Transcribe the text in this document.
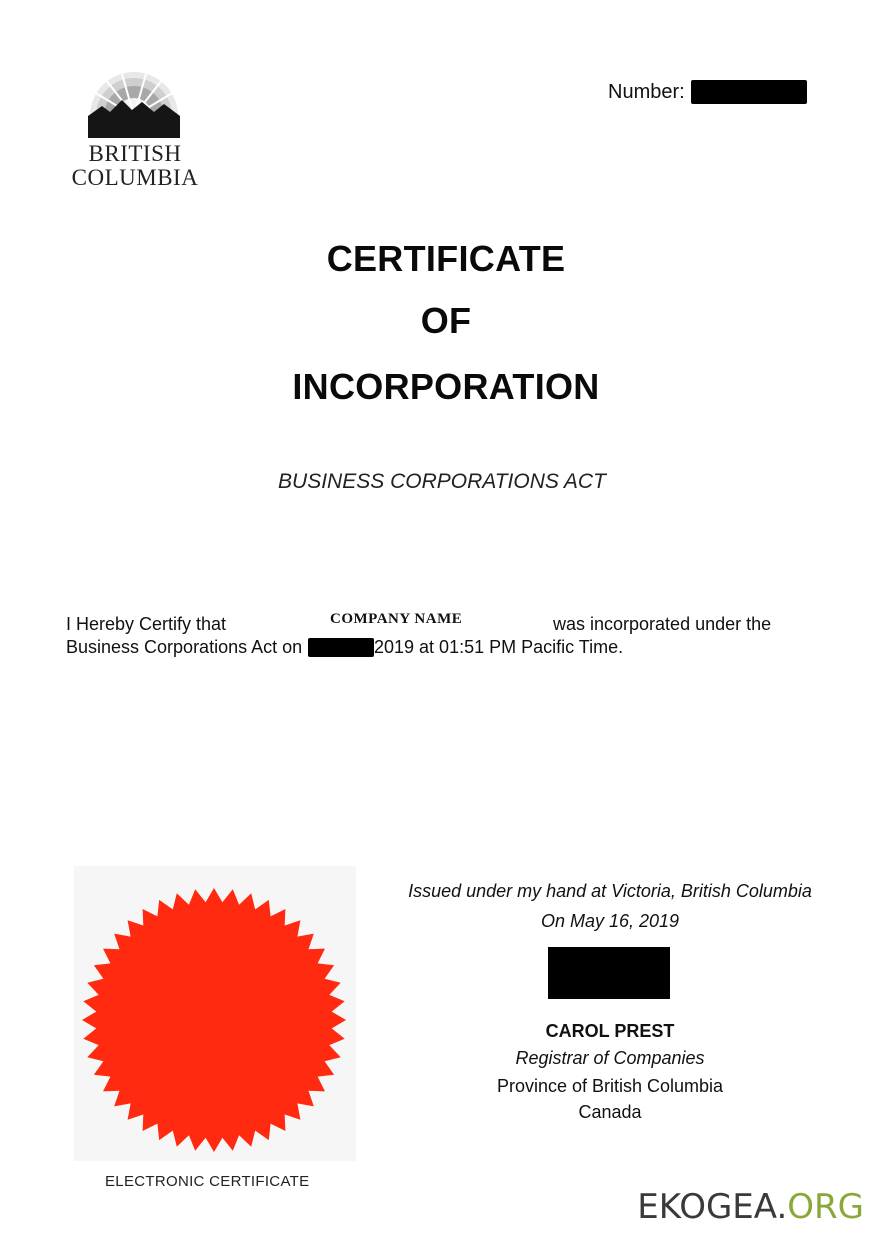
BRITISH
COLUMBIA
Number:
CERTIFICATE
OF
INCORPORATION
BUSINESS CORPORATIONS ACT
I Hereby Certify that	COMPANY NAME	was incorporated under the
Business Corporations Act on	2019 at 01:51 PM Pacific Time.
ELECTRONIC CERTIFICATE
Issued under my hand at Victoria, British Columbia
On May 16, 2019
CAROL PREST
Registrar of Companies
Province of British Columbia
Canada
EKOGEA.ORG
